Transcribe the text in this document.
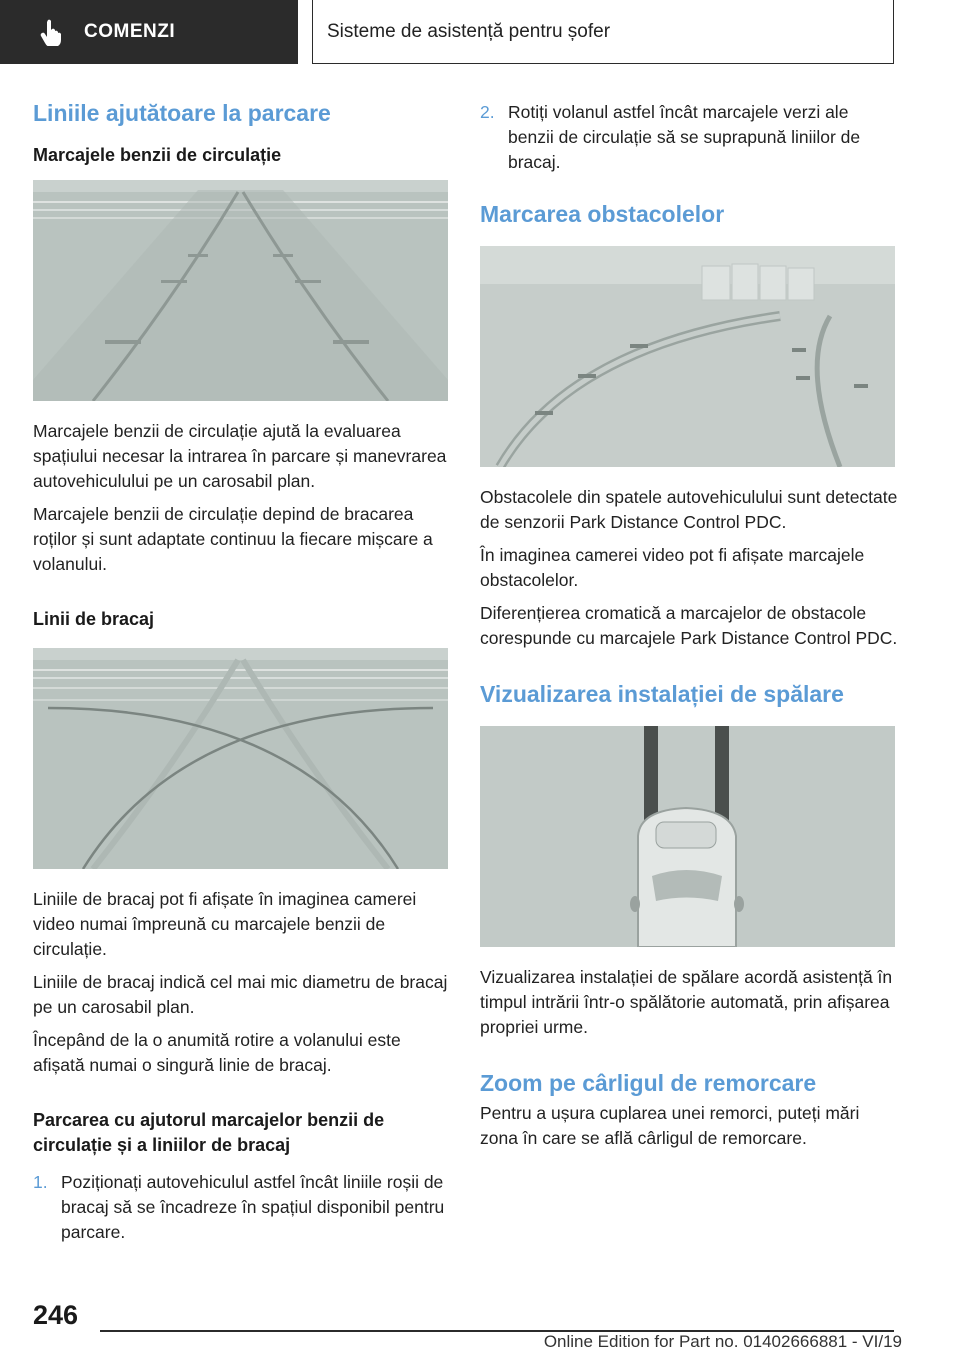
COMENZI	Sisteme de asistență pentru șofer
Liniile ajutătoare la parcare
Marcajele benzii de circulație

Marcajele benzii de circulație ajută la evaluarea spațiului necesar la intrarea în parcare și manevrarea autovehiculului pe un carosabil plan.

Marcajele benzii de circulație depind de bracarea roților și sunt adaptate continuu la fiecare mișcare a volanului.

Linii de bracaj

Liniile de bracaj pot fi afișate în imaginea camerei video numai împreună cu marcajele benzii de circulație.

Liniile de bracaj indică cel mai mic diametru de bracaj pe un carosabil plan.

Începând de la o anumită rotire a volanului este afișată numai o singură linie de bracaj.

Parcarea cu ajutorul marcajelor benzii de circulație și a liniilor de bracaj
1. Poziționați autovehiculul astfel încât liniile roșii de bracaj să se încadreze în spațiul disponibil pentru parcare.
2. Rotiți volanul astfel încât marcajele verzi ale benzii de circulație să se suprapună liniilor de bracaj.
Marcarea obstacolelor

Obstacolele din spatele autovehiculului sunt detectate de senzorii Park Distance Control PDC.

În imaginea camerei video pot fi afișate marcajele obstacolelor.

Diferențierea cromatică a marcajelor de obstacole corespunde cu marcajele Park Distance Control PDC.

Vizualizarea instalației de spălare

Vizualizarea instalației de spălare acordă asistență în timpul intrării într-o spălătorie automată, prin afișarea propriei urme.

Zoom pe cârligul de remorcare

Pentru a ușura cuplarea unei remorci, puteți mări zona în care se află cârligul de remorcare.

246
Online Edition for Part no. 01402666881 - VI/19
